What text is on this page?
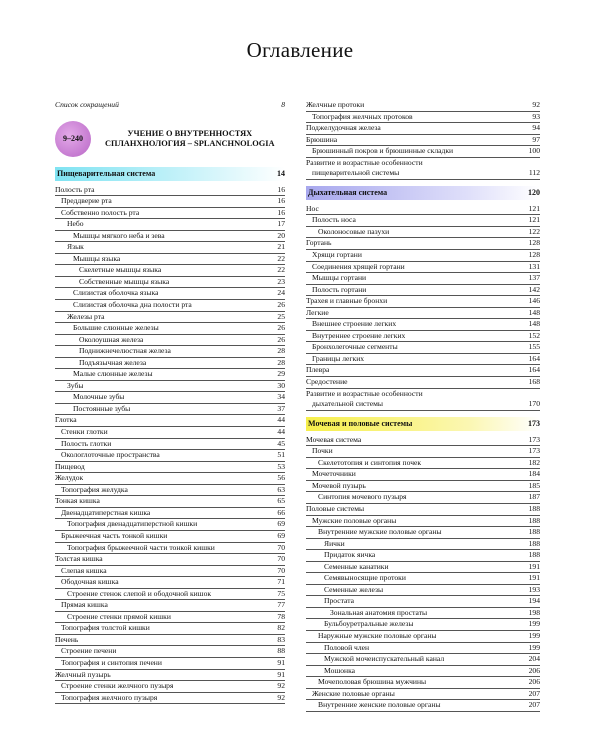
Оглавление
Список сокращений	8
9–240
УЧЕНИЕ О ВНУТРЕННОСТЯХ
СПЛАНХНОЛОГИЯ – SPLANCHNOLOGIA
Пищеварительная система	14
Полость рта	16
Преддверие рта	16
Собственно полость рта	16
Небо	17
Мышцы мягкого неба и зева	20
Язык	21
Мышцы языка	22
Скелетные мышцы языка	22
Собственные мышцы языка	23
Слизистая оболочка языка	24
Слизистая оболочка дна полости рта	26
Железы рта	25
Большие слюнные железы	26
Околоушная железа	26
Поднижнечелюстная железа	28
Подъязычная железа	28
Малые слюнные железы	29
Зубы	30
Молочные зубы	34
Постоянные зубы	37
Глотка	44
Стенки глотки	44
Полость глотки	45
Окологлоточные пространства	51
Пищевод	53
Желудок	56
Топография желудка	63
Тонкая кишка	65
Двенадцатиперстная кишка	66
Топография двенадцатиперстной кишки	69
Брыжеечная часть тонкой кишки	69
Топография брыжеечной части тонкой кишки	70
Толстая кишка	70
Слепая кишка	70
Ободочная кишка	71
Строение стенок слепой и ободочной кишок	75
Прямая кишка	77
Строение стенки прямой кишки	78
Топография толстой кишки	82
Печень	83
Строение печени	88
Топография и синтопия печени	91
Желчный пузырь	91
Строение стенки желчного пузыря	92
Топография желчного пузыря	92
Желчные протоки	92
Топография желчных протоков	93
Поджелудочная железа	94
Брюшина	97
Брюшинный покров и брюшинные складки	100
Развитие и возрастные особенности
пищеварительной системы	112
Дыхательная система	120
Нос	121
Полость носа	121
Околоносовые пазухи	122
Гортань	128
Хрящи гортани	128
Соединения хрящей гортани	131
Мышцы гортани	137
Полость гортани	142
Трахея и главные бронхи	146
Легкие	148
Внешнее строение легких	148
Внутреннее строение легких	152
Бронхолегочные сегменты	155
Границы легких	164
Плевра	164
Средостение	168
Развитие и возрастные особенности
дыхательной системы	170
Мочевая и половые системы	173
Мочевая система	173
Почки	173
Скелетотопия и синтопия почек	182
Мочеточники	184
Мочевой пузырь	185
Синтопия мочевого пузыря	187
Половые системы	188
Мужские половые органы	188
Внутренние мужские половые органы	188
Яички	188
Придаток яичка	188
Семенные канатики	191
Семявыносящие протоки	191
Семенные железы	193
Простата	194
Зональная анатомия простаты	198
Бульбоуретральные железы	199
Наружные мужские половые органы	199
Половой член	199
Мужской мочеиспускательный канал	204
Мошонка	206
Мочеполовая брюшина мужчины	206
Женские половые органы	207
Внутренние женские половые органы	207
